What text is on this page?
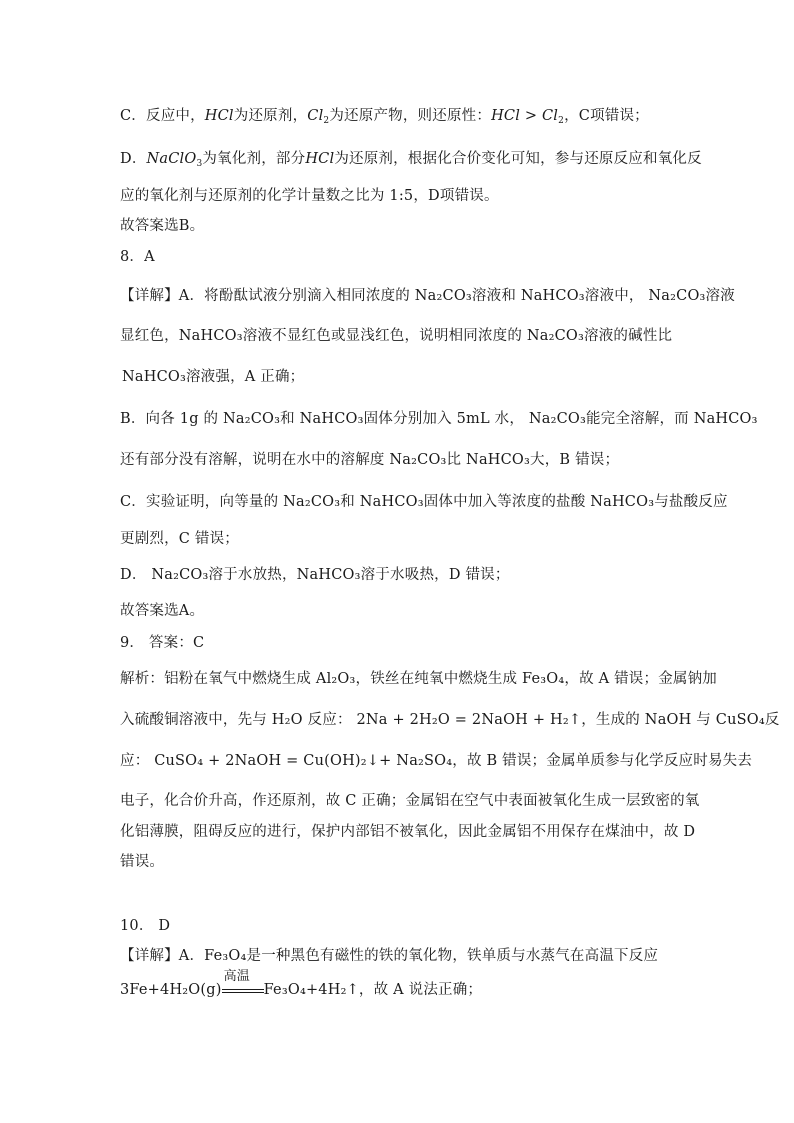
C．反应中，HCl为还原剂，$Cl_2$为还原产物，则还原性：HCl > $Cl_2$，C项错误；
D．NaClO$_3$为氧化剂，部分HCl为还原剂，根据化合价变化可知，参与还原反应和氧化反
应的氧化剂与还原剂的化学计量数之比为 1:5，D项错误。
故答案选B。
8．A
【详解】A．将酚酞试液分别滴入相同浓度的 Na₂CO₃溶液和 NaHCO₃溶液中， Na₂CO₃溶液
显红色，NaHCO₃溶液不显红色或显浅红色，说明相同浓度的 Na₂CO₃溶液的碱性比
NaHCO₃溶液强，A 正确；
B．向各 1g 的 Na₂CO₃和 NaHCO₃固体分别加入 5mL 水， Na₂CO₃能完全溶解，而 NaHCO₃
还有部分没有溶解，说明在水中的溶解度 Na₂CO₃比 NaHCO₃大，B 错误；
C．实验证明，向等量的 Na₂CO₃和 NaHCO₃固体中加入等浓度的盐酸 NaHCO₃与盐酸反应
更剧烈，C 错误；
D． Na₂CO₃溶于水放热，NaHCO₃溶于水吸热，D 错误；
故答案选A。
9． 答案：C
解析：铝粉在氧气中燃烧生成 Al₂O₃，铁丝在纯氧中燃烧生成 Fe₃O₄，故 A 错误；金属钠加
入硫酸铜溶液中，先与 H₂O 反应： 2Na + 2H₂O = 2NaOH + H₂↑，生成的 NaOH 与 CuSO₄反
应： CuSO₄ + 2NaOH = Cu(OH)₂↓+ Na₂SO₄，故 B 错误；金属单质参与化学反应时易失去
电子，化合价升高，作还原剂，故 C 正确；金属铝在空气中表面被氧化生成一层致密的氧
化铝薄膜，阻碍反应的进行，保护内部铝不被氧化，因此金属铝不用保存在煤油中，故 D
错误。
10． D
【详解】A．Fe₃O₄是一种黑色有磁性的铁的氧化物，铁单质与水蒸气在高温下反应
3Fe+4H₂O(g)
高温
Fe₃O₄+4H₂↑，故 A 说法正确；
